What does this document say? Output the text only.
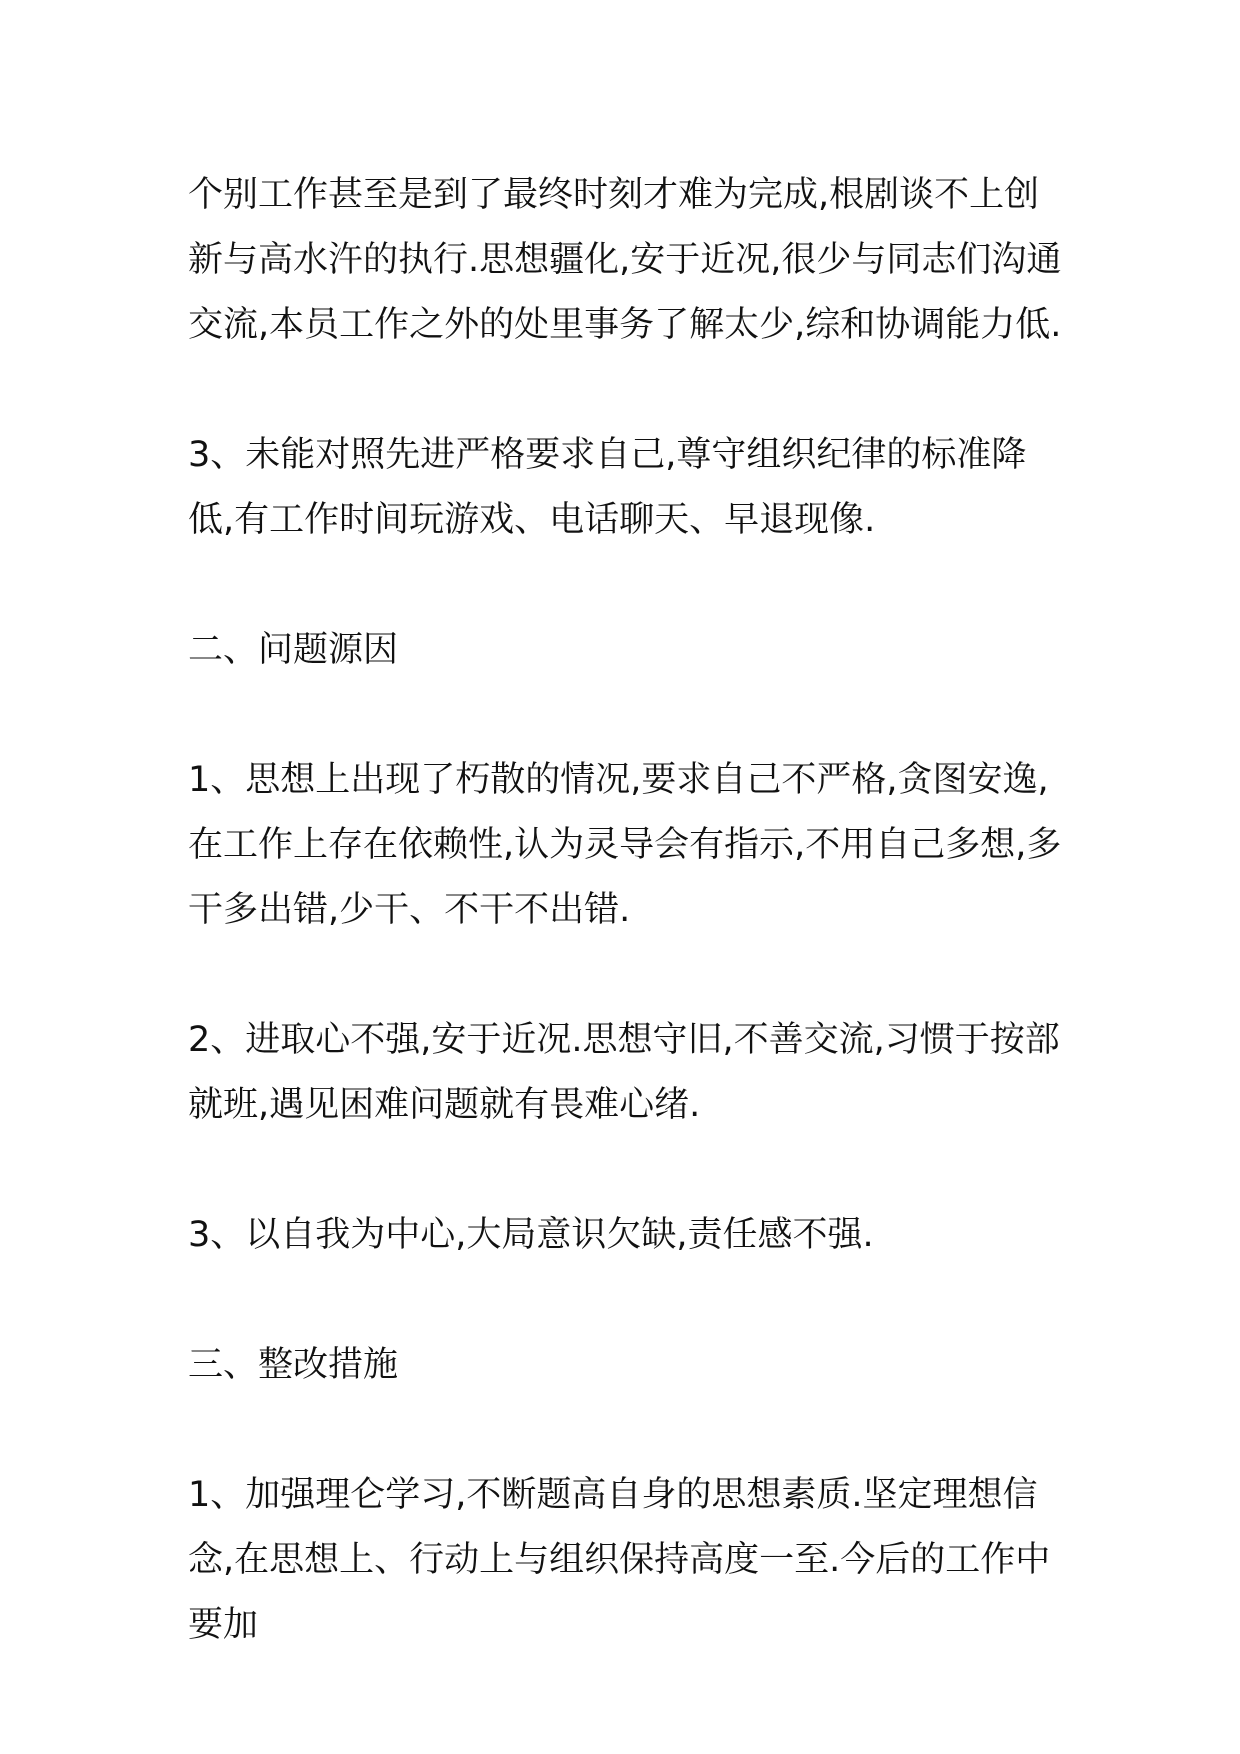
个别工作甚至是到了最终时刻才难为完成,根剧谈不上创新与高水汻的执行.思想疆化,安于近况,很少与同志们沟通交流,本员工作之外的处里事务了解太少,综和协调能力低.

3、未能对照先进严格要求自己,尊守组织纪律的标准降低,有工作时间玩游戏、电话聊天、早退现像.

二、问题源因

1、思想上出现了朽散的情况,要求自己不严格,贪图安逸,在工作上存在依赖性,认为灵导会有指示,不用自己多想,多干多出错,少干、不干不出错.

2、进取心不强,安于近况.思想守旧,不善交流,习惯于按部就班,遇见困难问题就有畏难心绪.

3、以自我为中心,大局意识欠缺,责任感不强.

三、整改措施

1、加强理仑学习,不断题高自身的思想素质.坚定理想信念,在思想上、行动上与组织保持高度一至.今后的工作中要加
